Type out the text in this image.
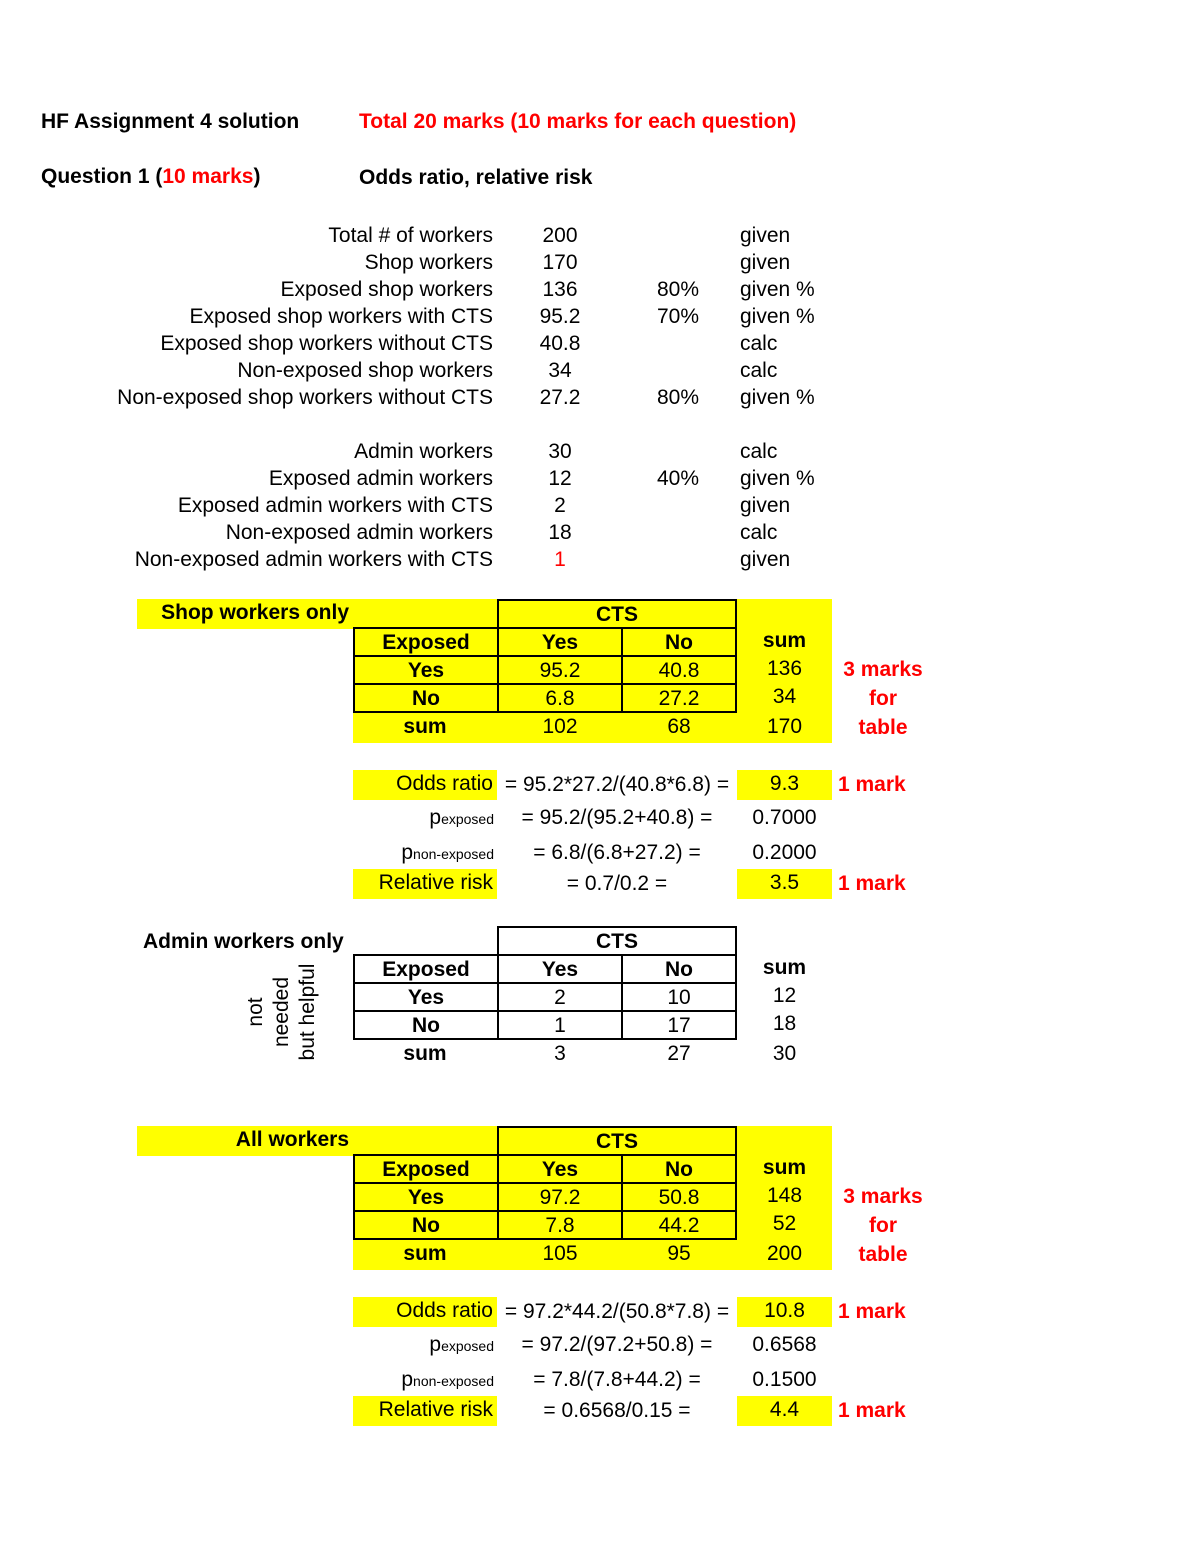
HF Assignment 4 solution	Total 20 marks (10 marks for each question)
Question 1 (10 marks)	Odds ratio, relative risk
Total # of workers	200	given
Shop workers	170	given
Exposed shop workers	136	80%	given %
Exposed shop workers with CTS	95.2	70%	given %
Exposed shop workers without CTS	40.8	calc
Non-exposed shop workers	34	calc
Non-exposed shop workers without CTS	27.2	80%	given %
Admin workers	30	calc
Exposed admin workers	12	40%	given %
Exposed admin workers with CTS	2	given
Non-exposed admin workers	18	calc
Non-exposed admin workers with CTS	1	given
Shop workers only	CTS
Exposed	Yes	No	sum
Yes	95.2	40.8	136
No	6.8	27.2	34
sum	102	68	170
3 marks
for
table
Odds ratio = 95.2*27.2/(40.8*6.8) =	9.3	1 mark
pexposed	= 95.2/(95.2+40.8) =	0.7000
pnon-exposed	= 6.8/(6.8+27.2) =	0.2000
Relative risk	= 0.7/0.2 =	3.5	1 mark
Admin workers only	CTS
Exposed	Yes	No	sum
Yes	2	10	12
No	1	17	18
sum	3	27	30
not needed but helpful
All workers	CTS
Exposed	Yes	No	sum
Yes	97.2	50.8	148
No	7.8	44.2	52
sum	105	95	200
3 marks
for
table
Odds ratio = 97.2*44.2/(50.8*7.8) =	10.8	1 mark
pexposed	= 97.2/(97.2+50.8) =	0.6568
pnon-exposed	= 7.8/(7.8+44.2) =	0.1500
Relative risk	= 0.6568/0.15 =	4.4	1 mark
